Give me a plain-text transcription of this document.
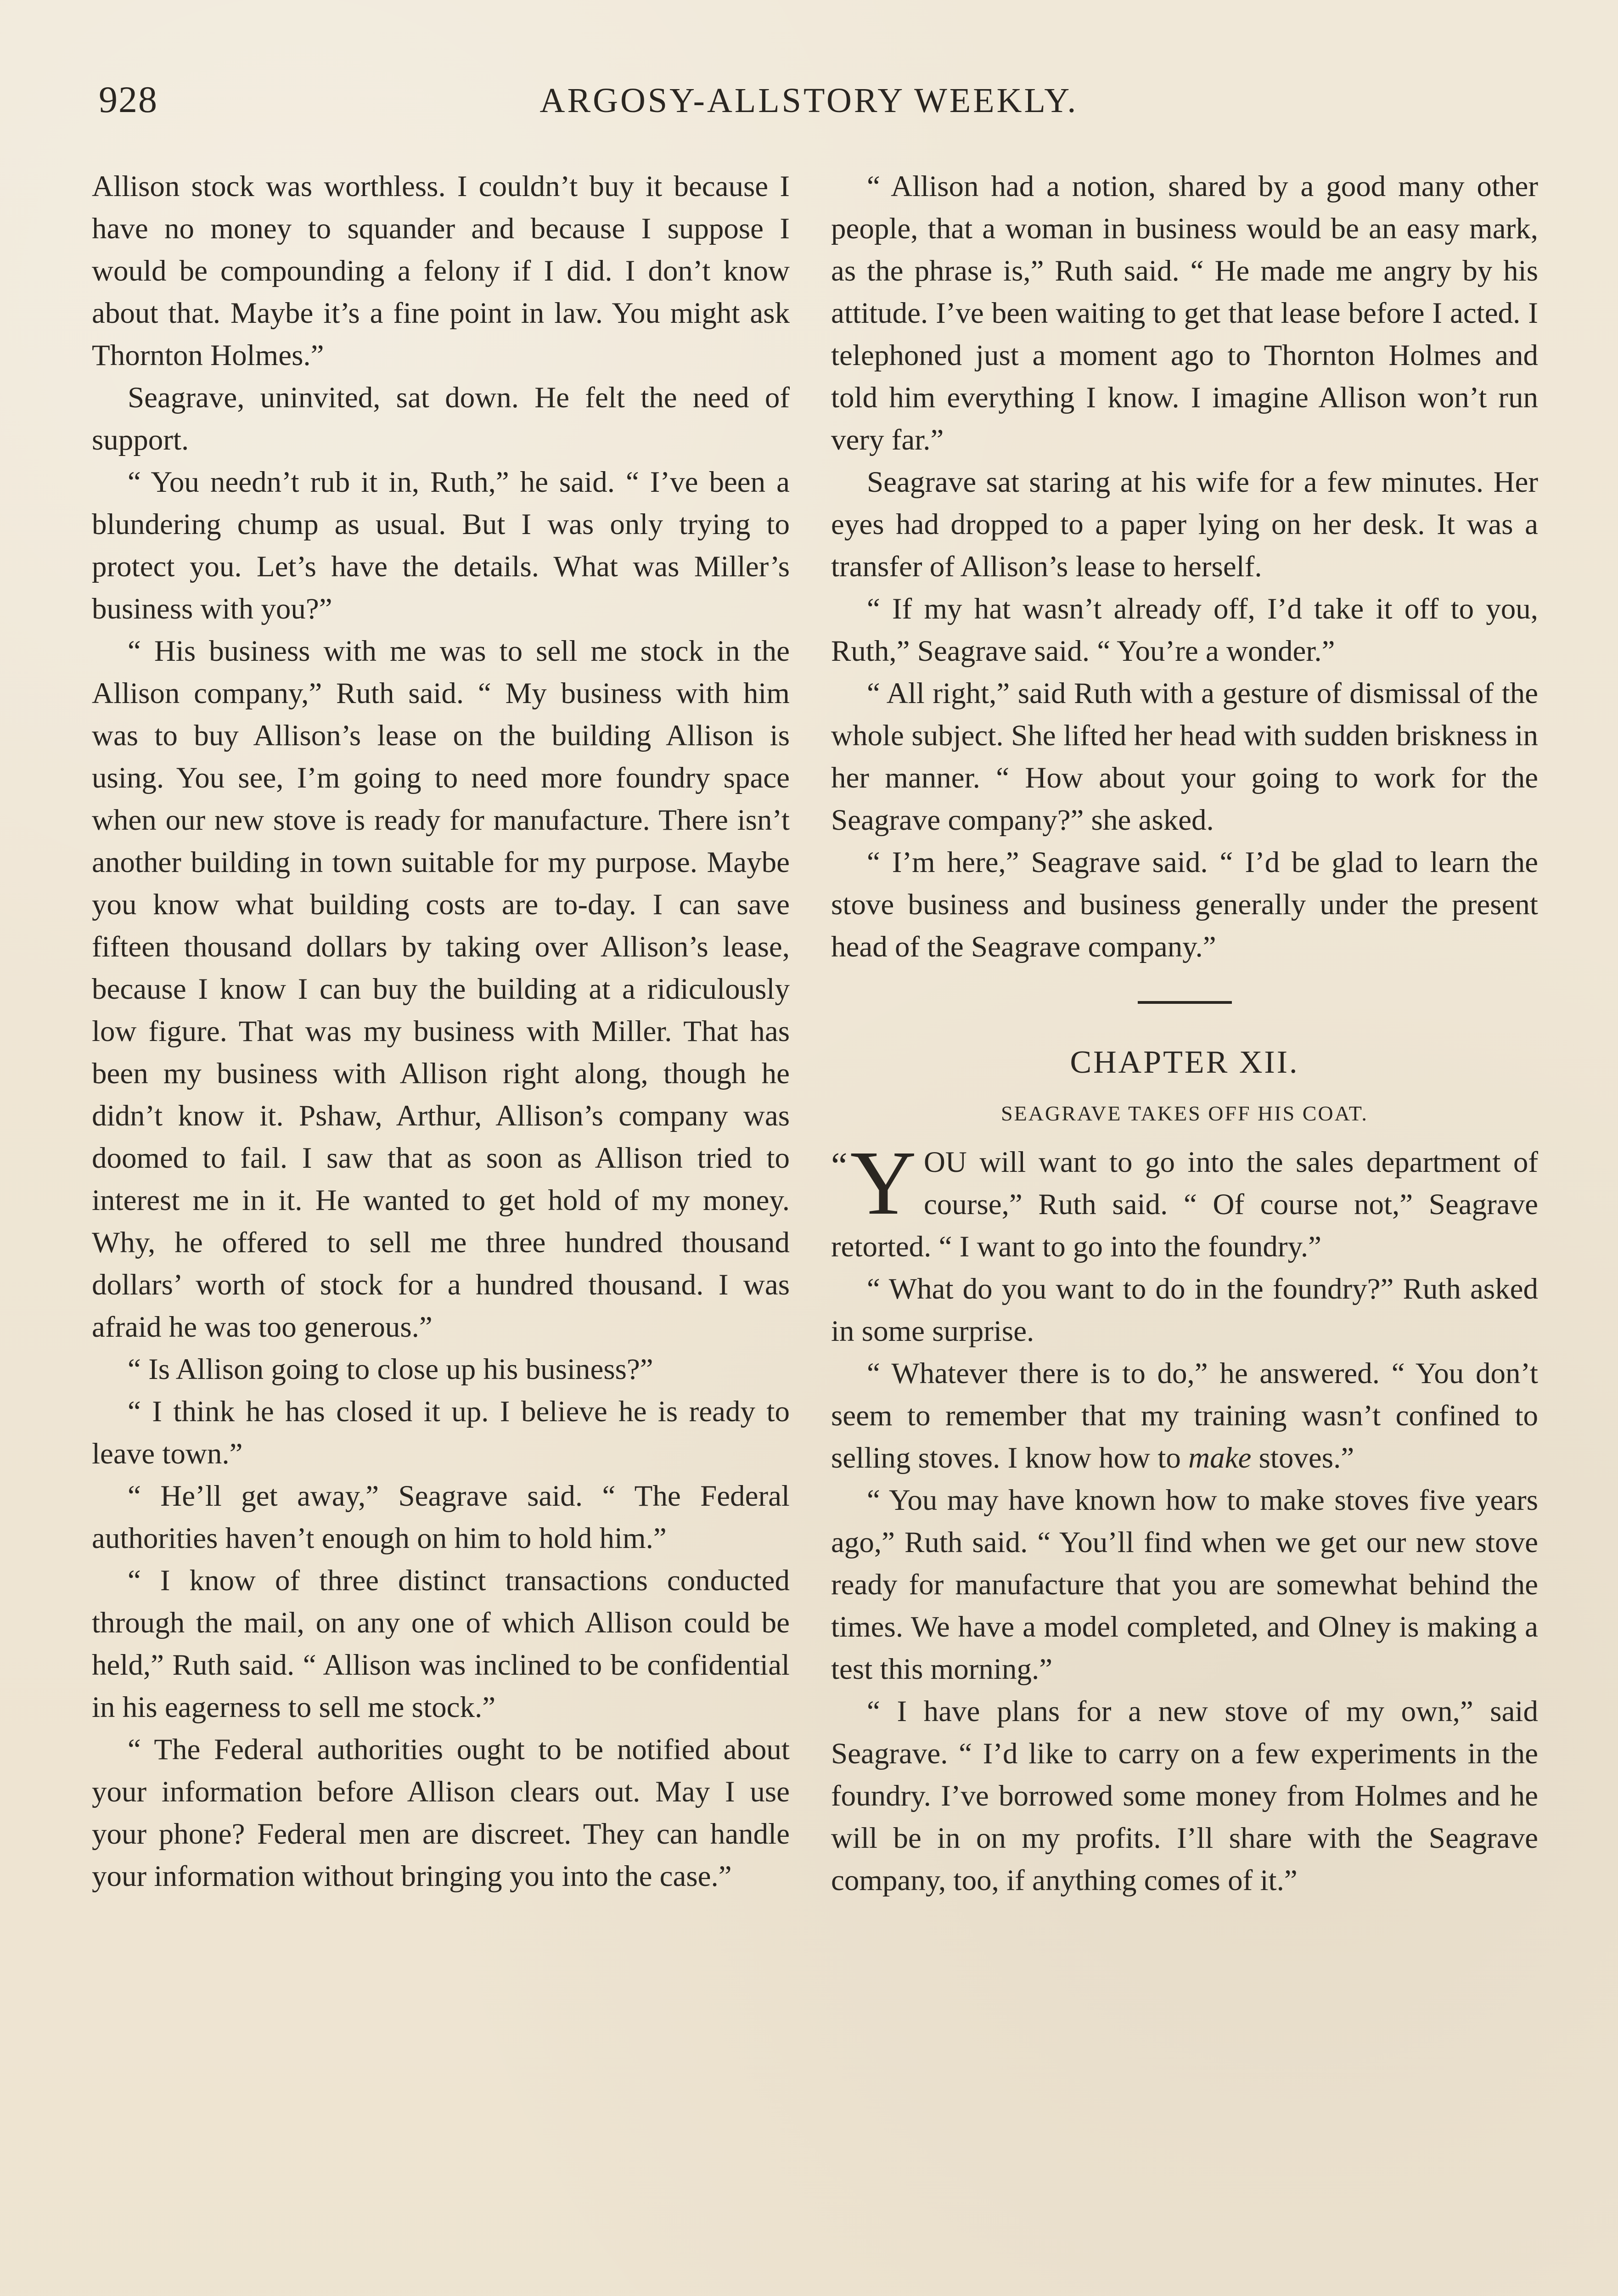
928	ARGOSY-ALLSTORY WEEKLY.

Allison stock was worthless. I couldn’t buy it because I have no money to squander and because I suppose I would be compounding a felony if I did. I don’t know about that. Maybe it’s a fine point in law. You might ask Thornton Holmes.”

Seagrave, uninvited, sat down. He felt the need of support.

“ You needn’t rub it in, Ruth,” he said. “ I’ve been a blundering chump as usual. But I was only trying to protect you. Let’s have the details. What was Miller’s business with you?”

“ His business with me was to sell me stock in the Allison company,” Ruth said. “ My business with him was to buy Allison’s lease on the building Allison is using. You see, I’m going to need more foundry space when our new stove is ready for manufacture. There isn’t another building in town suitable for my purpose. Maybe you know what building costs are to-day. I can save fifteen thousand dollars by taking over Allison’s lease, because I know I can buy the building at a ridiculously low figure. That was my business with Miller. That has been my business with Allison right along, though he didn’t know it. Pshaw, Arthur, Allison’s company was doomed to fail. I saw that as soon as Allison tried to interest me in it. He wanted to get hold of my money. Why, he offered to sell me three hundred thousand dollars’ worth of stock for a hundred thousand. I was afraid he was too generous.”

“ Is Allison going to close up his business?”

“ I think he has closed it up. I believe he is ready to leave town.”

“ He’ll get away,” Seagrave said. “ The Federal authorities haven’t enough on him to hold him.”

“ I know of three distinct transactions conducted through the mail, on any one of which Allison could be held,” Ruth said. “ Allison was inclined to be confidential in his eagerness to sell me stock.”

“ The Federal authorities ought to be notified about your information before Allison clears out. May I use your phone? Federal men are discreet. They can handle your information without bringing you into the case.”

“ Allison had a notion, shared by a good many other people, that a woman in business would be an easy mark, as the phrase is,” Ruth said. “ He made me angry by his attitude. I’ve been waiting to get that lease before I acted. I telephoned just a moment ago to Thornton Holmes and told him everything I know. I imagine Allison won’t run very far.”

Seagrave sat staring at his wife for a few minutes. Her eyes had dropped to a paper lying on her desk. It was a transfer of Allison’s lease to herself.

“ If my hat wasn’t already off, I’d take it off to you, Ruth,” Seagrave said. “ You’re a wonder.”

“ All right,” said Ruth with a gesture of dismissal of the whole subject. She lifted her head with sudden briskness in her manner. “ How about your going to work for the Seagrave company?” she asked.

“ I’m here,” Seagrave said. “ I’d be glad to learn the stove business and business generally under the present head of the Seagrave company.”

CHAPTER XII.
SEAGRAVE TAKES OFF HIS COAT.
“ Y OU will want to go into the sales department of course,” Ruth said. “ Of course not,” Seagrave retorted. “ I want to go into the foundry.”

“ What do you want to do in the foundry?” Ruth asked in some surprise.

“ Whatever there is to do,” he answered. “ You don’t seem to remember that my training wasn’t confined to selling stoves. I know how to make stoves.”

“ You may have known how to make stoves five years ago,” Ruth said. “ You’ll find when we get our new stove ready for manufacture that you are somewhat behind the times. We have a model completed, and Olney is making a test this morning.”

“ I have plans for a new stove of my own,” said Seagrave. “ I’d like to carry on a few experiments in the foundry. I’ve borrowed some money from Holmes and he will be in on my profits. I’ll share with the Seagrave company, too, if anything comes of it.”
